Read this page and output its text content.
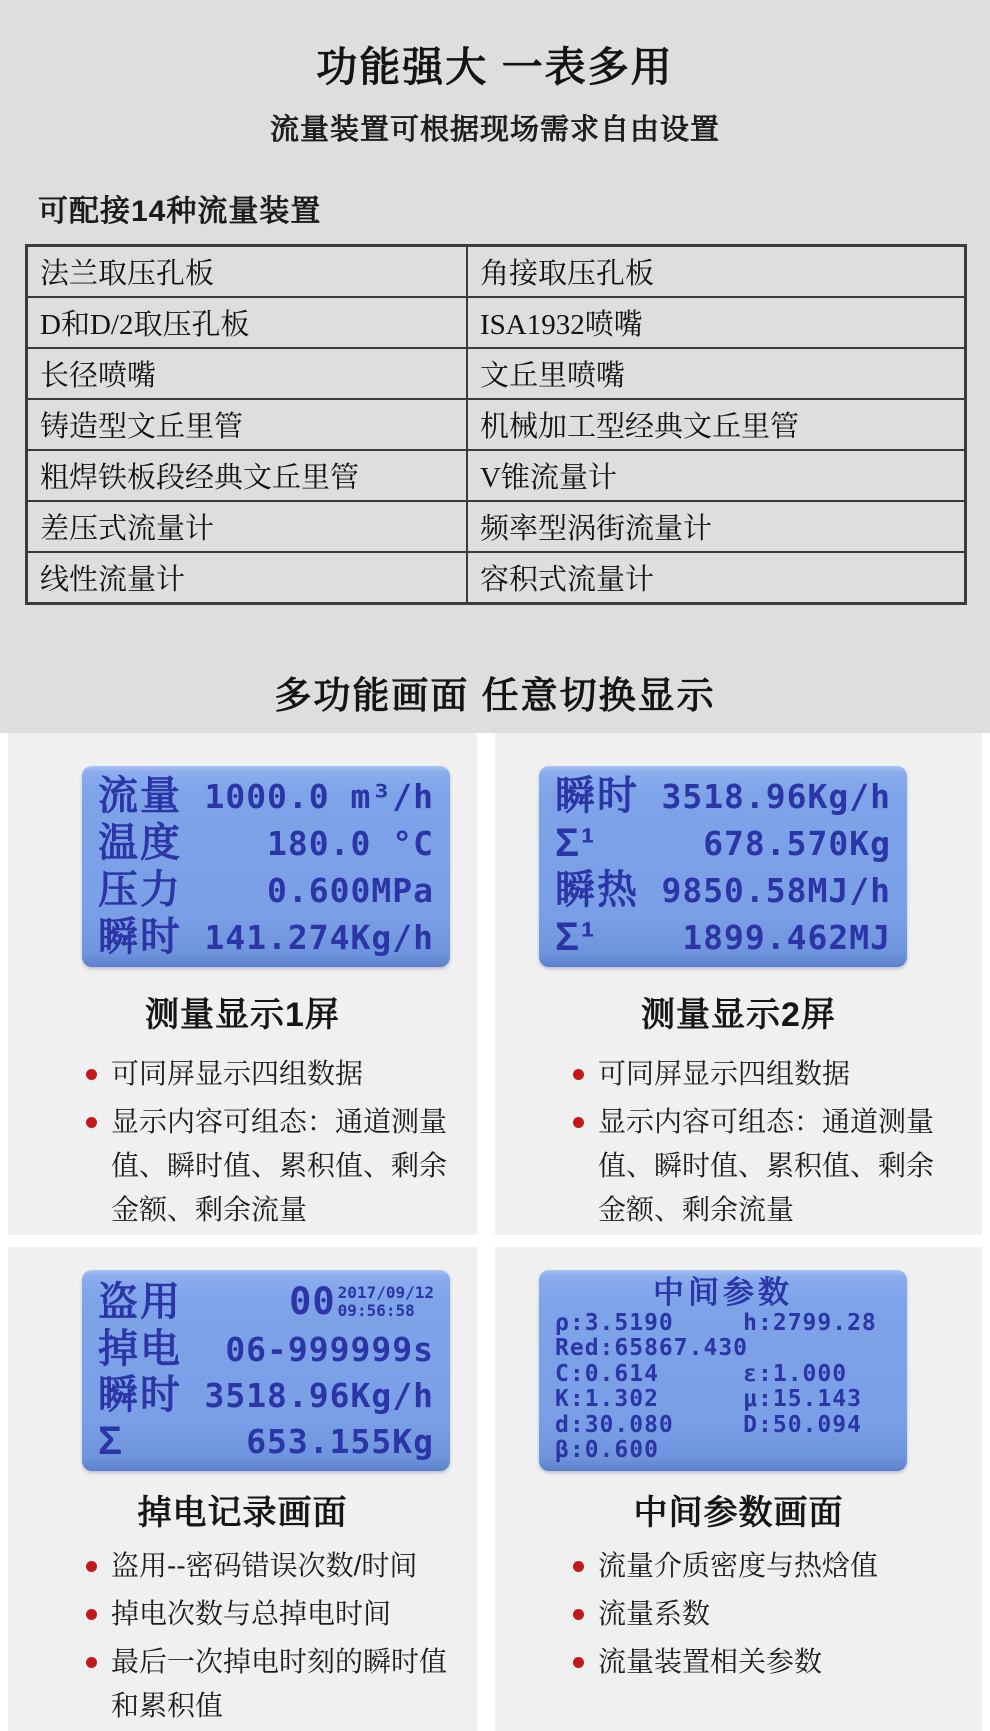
功能强大 一表多用

流量装置可根据现场需求自由设置

可配接14种流量装置
法兰取压孔板	角接取压孔板
D和D/2取压孔板	ISA1932喷嘴
长径喷嘴	文丘里喷嘴
铸造型文丘里管	机械加工型经典文丘里管
粗焊铁板段经典文丘里管	V锥流量计
差压式流量计	频率型涡街流量计
线性流量计	容积式流量计
多功能画面 任意切换显示
流量 1000.0 m³/h
温度	180.0 °C
压力	0.600MPa
瞬时 141.274Kg/h
测量显示1屏
可同屏显示四组数据
显示内容可组态：通道测量值、瞬时值、累积值、剩余金额、剩余流量
瞬时 3518.96Kg/h
Σ¹	678.570Kg
瞬热 9850.58MJ/h
Σ¹	1899.462MJ
测量显示2屏
可同屏显示四组数据
显示内容可组态：通道测量值、瞬时值、累积值、剩余金额、剩余流量
盗用	00 2017/09/12
09:56:58
掉电 06-999999s
瞬时 3518.96Kg/h
Σ	653.155Kg
掉电记录画面
盗用--密码错误次数/时间
掉电次数与总掉电时间
最后一次掉电时刻的瞬时值和累积值
中间参数
ρ:3.5190	h:2799.28
Red:65867.430
C:0.614	ε:1.000
K:1.302	μ:15.143
d:30.080	D:50.094
β:0.600
中间参数画面
流量介质密度与热焓值
流量系数
流量装置相关参数
